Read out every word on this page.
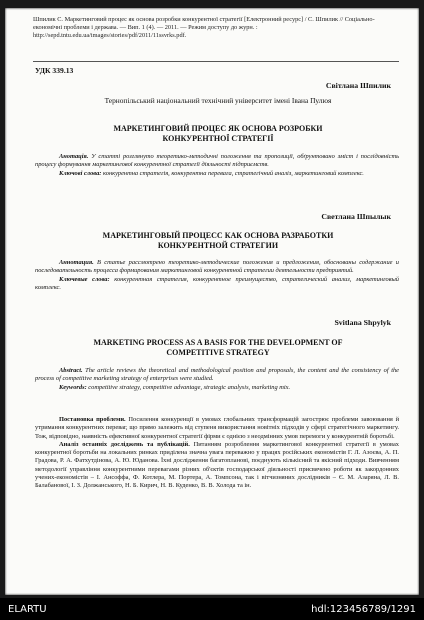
Шпилик С. Маркетинговий процес як основа розробки конкурентної стратегії [Електронний ресурс] / С. Шпилик // Соціально-економічні проблеми і держава. — Вип. 1 (4). — 2011. — Режим доступу до журн. : http://sepd.tntu.edu.ua/images/stories/pdf/2011/11ssvrks.pdf.
УДК 339.13
Світлана Шпилик
Тернопільський національний технічний університет імені Івана Пулюя
МАРКЕТИНГОВИЙ ПРОЦЕС ЯК ОСНОВА РОЗРОБКИ
КОНКУРЕНТНОЇ СТРАТЕГІЇ
Анотація. У статті розглянуто теоретико-методичні положення та пропозиції, обґрунтовано зміст і послідовність процесу формування маркетингової конкурентної стратегії діяльності підприємств.
Ключові слова: конкурентна стратегія, конкурентна перевага, стратегічний аналіз, маркетинговий комплекс.
Светлана Шпылык
МАРКЕТИНГОВЫЙ ПРОЦЕСС КАК ОСНОВА РАЗРАБОТКИ
КОНКУРЕНТНОЙ СТРАТЕГИИ
Аннотация. В статье рассмотрено теоретико-методические положения и предложения, обоснованы содержание и последовательность процесса формирования маркетинговой конкурентной стратегии деятельности предприятий.
Ключевые слова: конкурентная стратегия, конкурентное преимущество, стратегический анализ, маркетинговый комплекс.
Svitlana Shpylyk
MARKETING PROCESS AS A BASIS FOR THE DEVELOPMENT OF
COMPETITIVE STRATEGY
Abstract. The article reviews the theoretical and methodological position and proposals, the content and the consistency of the process of competitive marketing strategy of enterprises were studied.
Keywords: competitive strategy, competitive advantage, strategic analysis, marketing mix.
Постановка проблеми. Посилення конкуренції в умовах глобальних трансформацій загострює проблеми завоювання й утримання конкурентних переваг, що прямо залежить від ступеня використання новітніх підходів у сфері стратегічного маркетингу. Тож, відповідно, наявність ефективної конкурентної стратегії фірми є однією з неодмінних умов перемоги у конкурентній боротьбі.
Аналіз останніх досліджень та публікацій. Питанням розроблення маркетингової конкурентної стратегії в умовах конкурентної боротьби на локальних ринках приділена значна увага переважно у працях російських економістів Г. Л. Азоєва, А. П. Градова, Р. А. Фатхутдінова, А. Ю. Юданова. Їхні дослідження багатопланові, поєднують кількісний та якісний підходи. Вивченням методології управління конкурентними перевагами різних об'єктів господарської діяльності присвячено роботи як закордонних учених-економістів – І. Ансоффа, Ф. Котлера, М. Портера, А. Томпсона, так і вітчизняних дослідників – Є. М. Азаряна, Л. В. Балабанової, І. З. Должанського, Н. Б. Кирич, Н. В. Куденко, В. В. Холода та ін.
ELARTU	hdl:123456789/1291
